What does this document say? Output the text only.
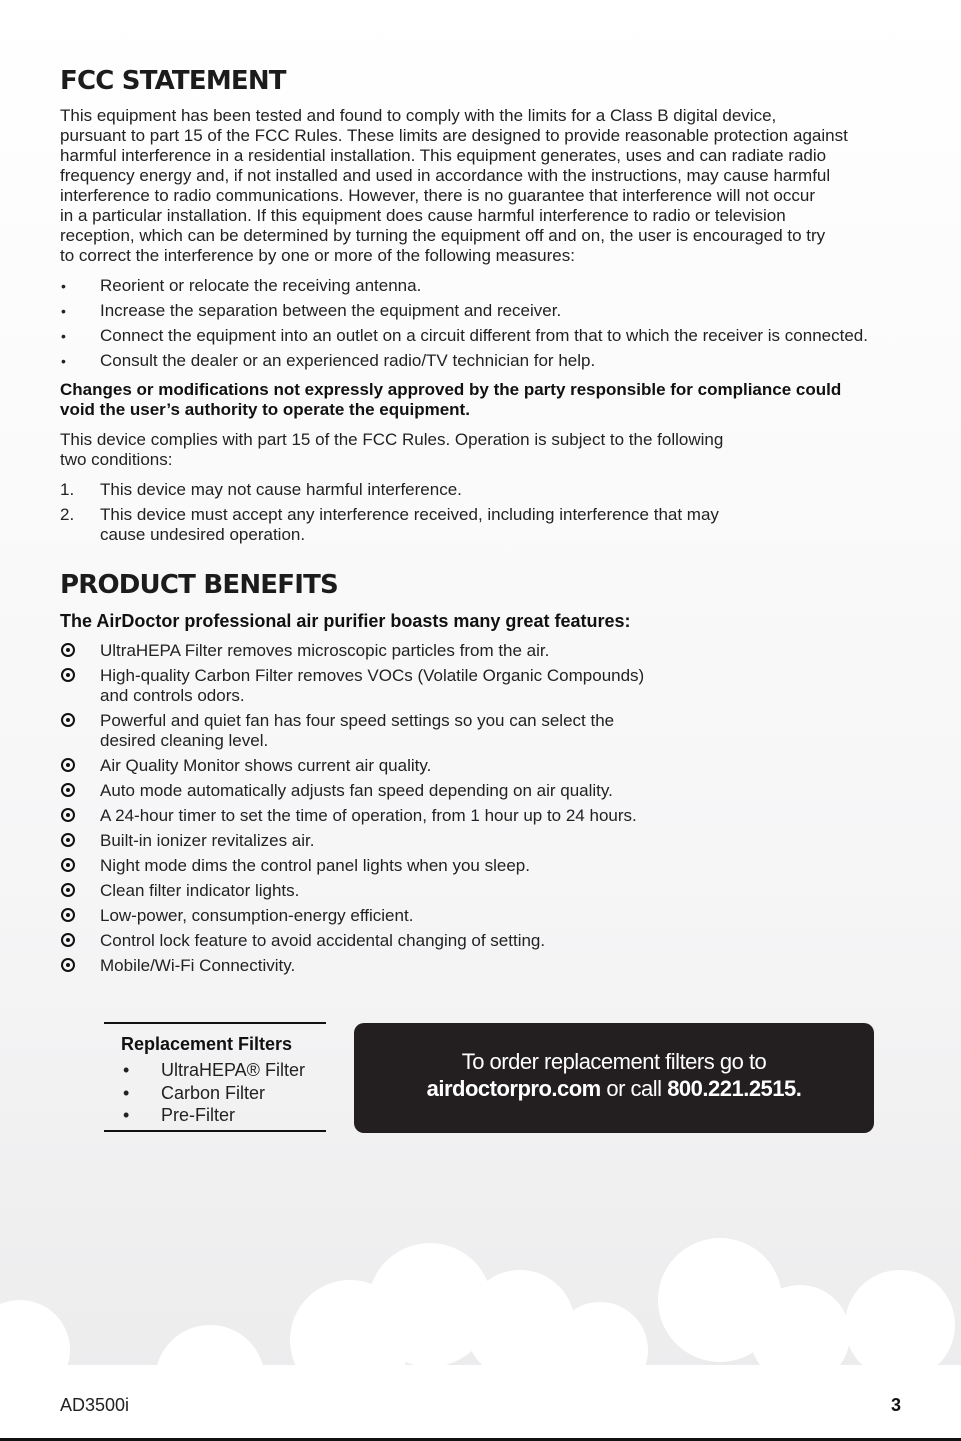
FCC STATEMENT
This equipment has been tested and found to comply with the limits for a Class B digital device,
pursuant to part 15 of the FCC Rules. These limits are designed to provide reasonable protection against
harmful interference in a residential installation. This equipment generates, uses and can radiate radio
frequency energy and, if not installed and used in accordance with the instructions, may cause harmful
interference to radio communications. However, there is no guarantee that interference will not occur
in a particular installation. If this equipment does cause harmful interference to radio or television
reception, which can be determined by turning the equipment off and on, the user is encouraged to try
to correct the interference by one or more of the following measures:
•	Reorient or relocate the receiving antenna.
•	Increase the separation between the equipment and receiver.
•	Connect the equipment into an outlet on a circuit different from that to which the receiver is connected.
•	Consult the dealer or an experienced radio/TV technician for help.
Changes or modifications not expressly approved by the party responsible for compliance could
void the user’s authority to operate the equipment.
This device complies with part 15 of the FCC Rules. Operation is subject to the following
two conditions:
1.	This device may not cause harmful interference.
2.	This device must accept any interference received, including interference that may
cause undesired operation.
PRODUCT BENEFITS
The AirDoctor professional air purifier boasts many great features:
UltraHEPA Filter removes microscopic particles from the air.
High-quality Carbon Filter removes VOCs (Volatile Organic Compounds)
and controls odors.
Powerful and quiet fan has four speed settings so you can select the
desired cleaning level.
Air Quality Monitor shows current air quality.
Auto mode automatically adjusts fan speed depending on air quality.
A 24-hour timer to set the time of operation, from 1 hour up to 24 hours.
Built-in ionizer revitalizes air.
Night mode dims the control panel lights when you sleep.
Clean filter indicator lights.
Low-power, consumption-energy efficient.
Control lock feature to avoid accidental changing of setting.
Mobile/Wi-Fi Connectivity.
Replacement Filters
• UltraHEPA® Filter
• Carbon Filter
• Pre-Filter
To order replacement filters go to
airdoctorpro.com or call 800.221.2515.
AD3500i	3
